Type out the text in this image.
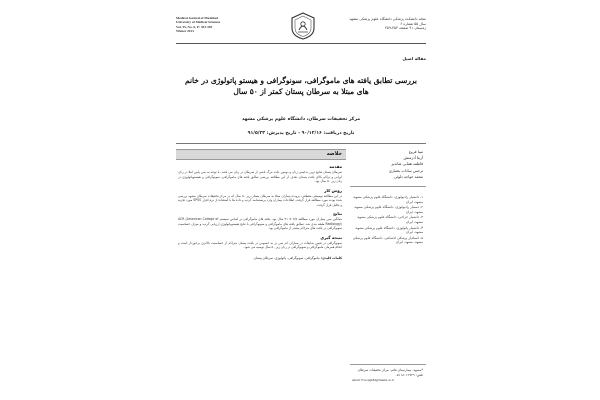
Medical Journal of Mashhad
University of Medical Sciences
Vol. 55, No. 6, P: 353-359
Winter 2013
مجله دانشکده پزشکی دانشگاه علوم پزشکی مشهد
سال ۵۵ شماره ۶
زمستان ۹۱ صفحه ۳۵۳-۳۵۹
مقاله اصیل
بررسی تطابق یافته های ماموگرافی، سونوگرافی و هیستو پاتولوژی در خانم های مبتلا به سرطان پستان کمتر از ۵۰ سال
مرکز تحقیقات سرطان، دانشگاه علوم پزشکی مشهد
تاریخ دریافت: ۹۰/۱۲/۱۶ - تاریخ پذیرش: ۹۱/۵/۲۳
خلاصه
مقدمه
سرطان پستان شایع ترین بدخیمی زنان و دومین علت مرگ ناشی از سرطان در زنان می باشد. با توجه به سن پایین ابتلا در زنان ایرانی و تراکم بالای بافت پستان، هدف از این مطالعه بررسی تطابق یافته های ماموگرافی، سونوگرافی و هیستوپاتولوژی در زنان زیر ۵۰ سال بود.
روش کار
در این مطالعه توصیفی مقطعی، پرونده بیماران مبتلا به سرطان پستان زیر ۵۰ سال که در مرکز تحقیقات سرطان مشهد بررسی شده بودند مورد مطالعه قرار گرفت. اطلاعات بیماران وارد پرسشنامه گردید و داده ها با استفاده از نرم افزار SPSS مورد تجزیه و تحلیل قرار گرفت.
نتایج
میانگین سن بیماران مورد مطالعه ۳/۸ ± ۴۱ سال بود. یافته های ماموگرافی بر اساس سیستم ACR (American College of Radiology) طبقه بندی شد. تطابق یافته های ماموگرافی و سونوگرافی با نتایج هیستوپاتولوژی ارزیابی گردید و میزان حساسیت سونوگرافی در بافت های متراکم بیشتر از ماموگرافی بود.
نتیجه گیری
سونوگرافی در تعیین ضایعات در بیماران کم سن تر به خصوص در بافت پستان متراکم از حساسیت بالاتری برخوردار است و انجام همزمان ماموگرافی و سونوگرافی در زنان زیر ۵۰ سال توصیه می شود.
کلمات کلیدی: ماموگرافی، سونوگرافی، پاتولوژی، سرطان پستان
مینا فروغ
آزیتا آذرمنش
فاطمه همایی شاندیز
نرجس سادات بختیاری
محمد خواجه دلوئی
۱- دانشیار رادیولوژی، دانشگاه علوم پزشکی مشهد، مشهد، ایران
۲- دستیار رادیولوژی، دانشگاه علوم پزشکی مشهد، مشهد، ایران
۳- دانشیار جراحی، دانشگاه علوم پزشکی مشهد، مشهد، ایران
۴- دانشیار پاتولوژی، دانشگاه علوم پزشکی مشهد، مشهد، ایران
۵- استادیار پزشکی اجتماعی، دانشگاه علوم پزشکی مشهد، مشهد، ایران
*مشهد، بیمارستان قائم، مرکز تحقیقات سرطان
تلفن: ۰۵۱۱۸۰۱۲۷۲۹
email: ForoughM@mums.ac.ir
